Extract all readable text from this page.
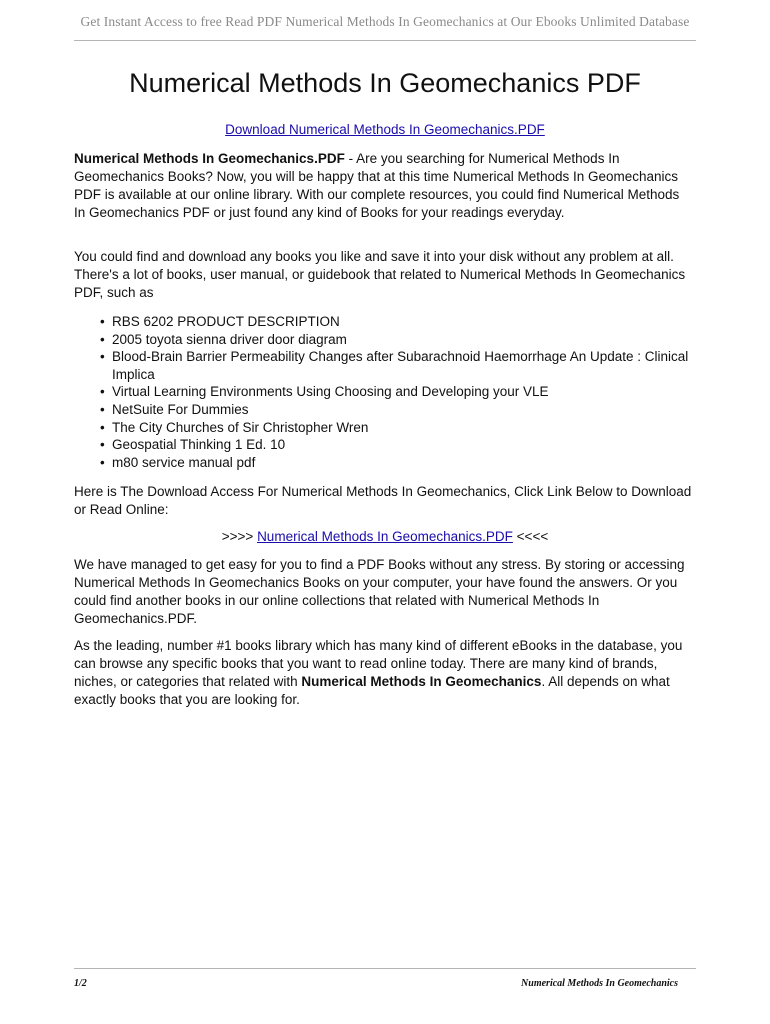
Get Instant Access to free Read PDF Numerical Methods In Geomechanics at Our Ebooks Unlimited Database
Numerical Methods In Geomechanics PDF
Download Numerical Methods In Geomechanics.PDF

Numerical Methods In Geomechanics.PDF - Are you searching for Numerical Methods In Geomechanics Books? Now, you will be happy that at this time Numerical Methods In Geomechanics PDF is available at our online library. With our complete resources, you could find Numerical Methods In Geomechanics PDF or just found any kind of Books for your readings everyday.

You could find and download any books you like and save it into your disk without any problem at all. There's a lot of books, user manual, or guidebook that related to Numerical Methods In Geomechanics PDF, such as

• RBS 6202 PRODUCT DESCRIPTION
• 2005 toyota sienna driver door diagram
• Blood-Brain Barrier Permeability Changes after Subarachnoid Haemorrhage An Update : Clinical Implica
• Virtual Learning Environments Using Choosing and Developing your VLE
• NetSuite For Dummies
• The City Churches of Sir Christopher Wren
• Geospatial Thinking 1 Ed. 10
• m80 service manual pdf

Here is The Download Access For Numerical Methods In Geomechanics, Click Link Below to Download or Read Online:

>>>> Numerical Methods In Geomechanics.PDF <<<<

We have managed to get easy for you to find a PDF Books without any stress. By storing or accessing Numerical Methods In Geomechanics Books on your computer, your have found the answers. Or you could find another books in our online collections that related with Numerical Methods In Geomechanics.PDF.

As the leading, number #1 books library which has many kind of different eBooks in the database, you can browse any specific books that you want to read online today. There are many kind of brands, niches, or categories that related with Numerical Methods In Geomechanics. All depends on what exactly books that you are looking for.

1/2	Numerical Methods In Geomechanics
